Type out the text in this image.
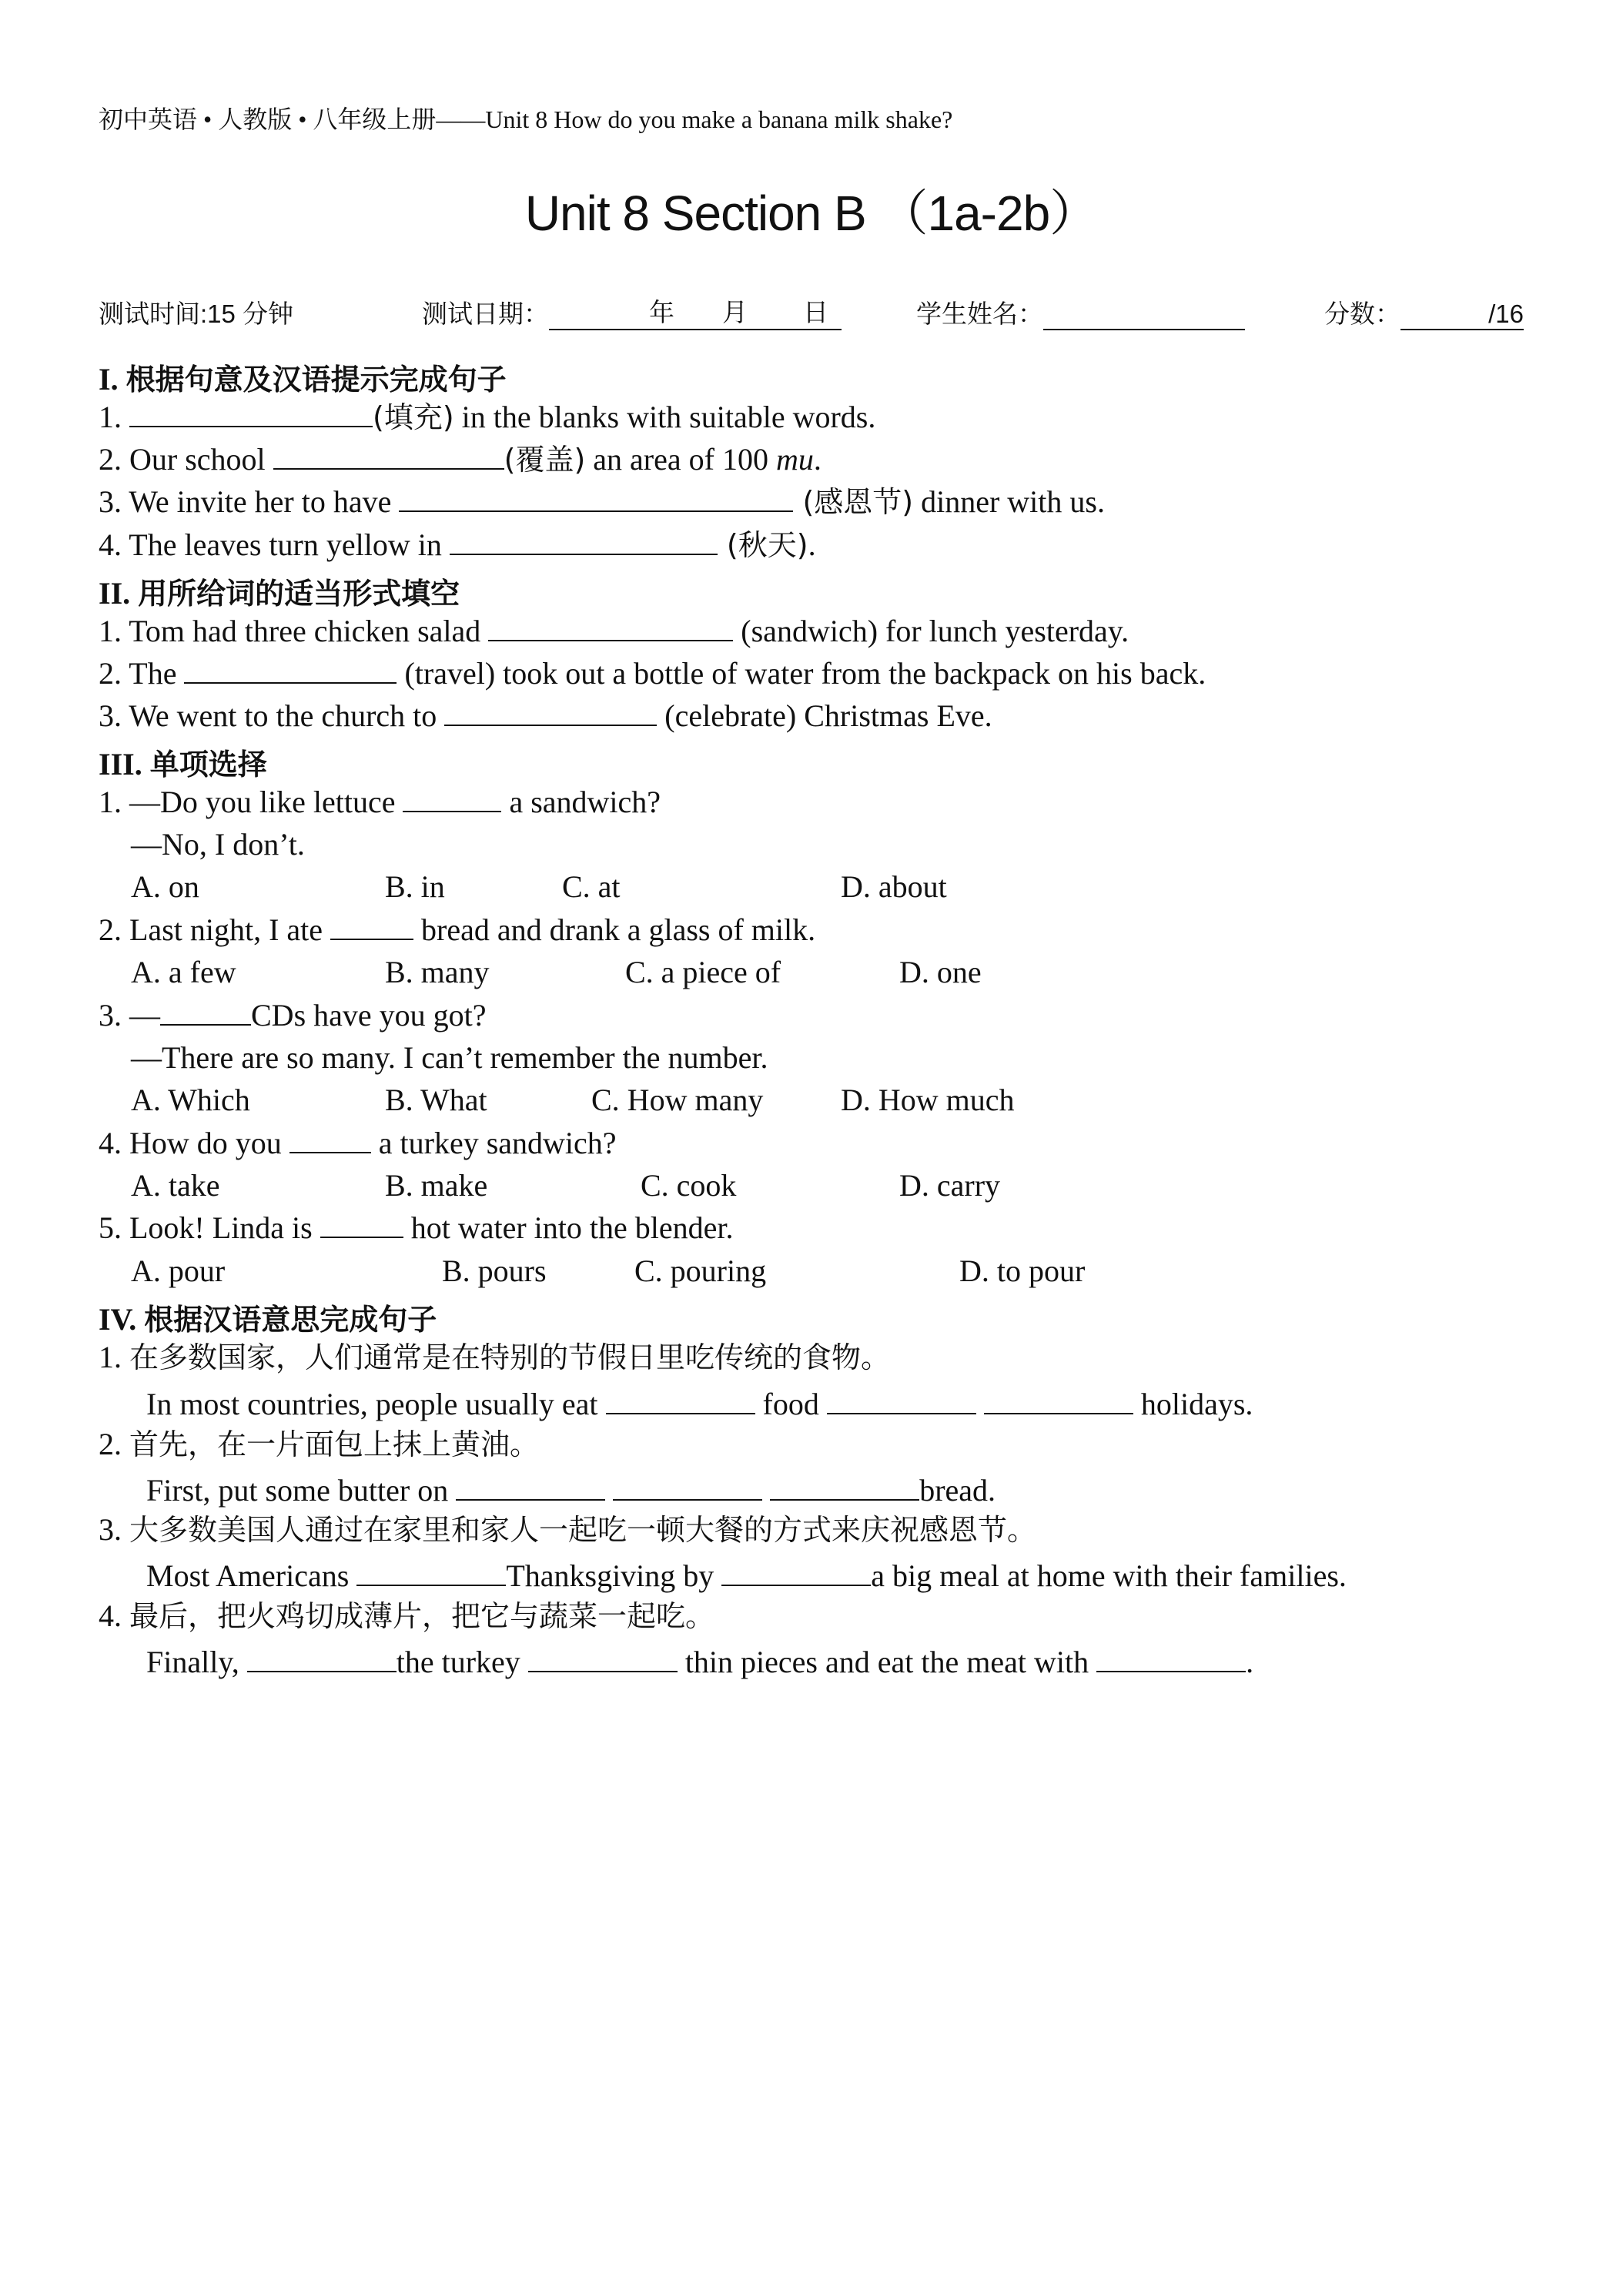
初中英语 • 人教版 • 八年级上册——Unit 8 How do you make a banana milk shake?
Unit 8 Section B （1a-2b）
测试时间:15 分钟	测试日期：	年 月 日	学生姓名：	分数：	/16
I. 根据句意及汉语提示完成句子
1.	(填充) in the blanks with suitable words.
2. Our school	(覆盖) an area of 100 mu.
3. We invite her to have	(感恩节) dinner with us.
4. The leaves turn yellow in	(秋天).
II. 用所给词的适当形式填空
1. Tom had three chicken salad	(sandwich) for lunch yesterday.
2. The	(travel) took out a bottle of water from the backpack on his back.
3. We went to the church to	(celebrate) Christmas Eve.
III. 单项选择
1. —Do you like lettuce	a sandwich?
—No, I don’t.
A. on	B. in	C. at	D. about
2. Last night, I ate	bread and drank a glass of milk.
A. a few	B. many	C. a piece of	D. one
3. —	CDs have you got?
—There are so many. I can’t remember the number.
A. Which	B. What	C. How many	D. How much
4. How do you	a turkey sandwich?
A. take	B. make	C. cook	D. carry
5. Look! Linda is	hot water into the blender.
A. pour	B. pours	C. pouring	D. to pour
IV. 根据汉语意思完成句子
1. 在多数国家，人们通常是在特别的节假日里吃传统的食物。
In most countries, people usually eat	food	holidays.
2. 首先，在一片面包上抹上黄油。
First, put some butter on	bread.
3. 大多数美国人通过在家里和家人一起吃一顿大餐的方式来庆祝感恩节。
Most Americans	Thanksgiving by	a big meal at home with their families.
4. 最后，把火鸡切成薄片，把它与蔬菜一起吃。
Finally,	the turkey	thin pieces and eat the meat with	.
